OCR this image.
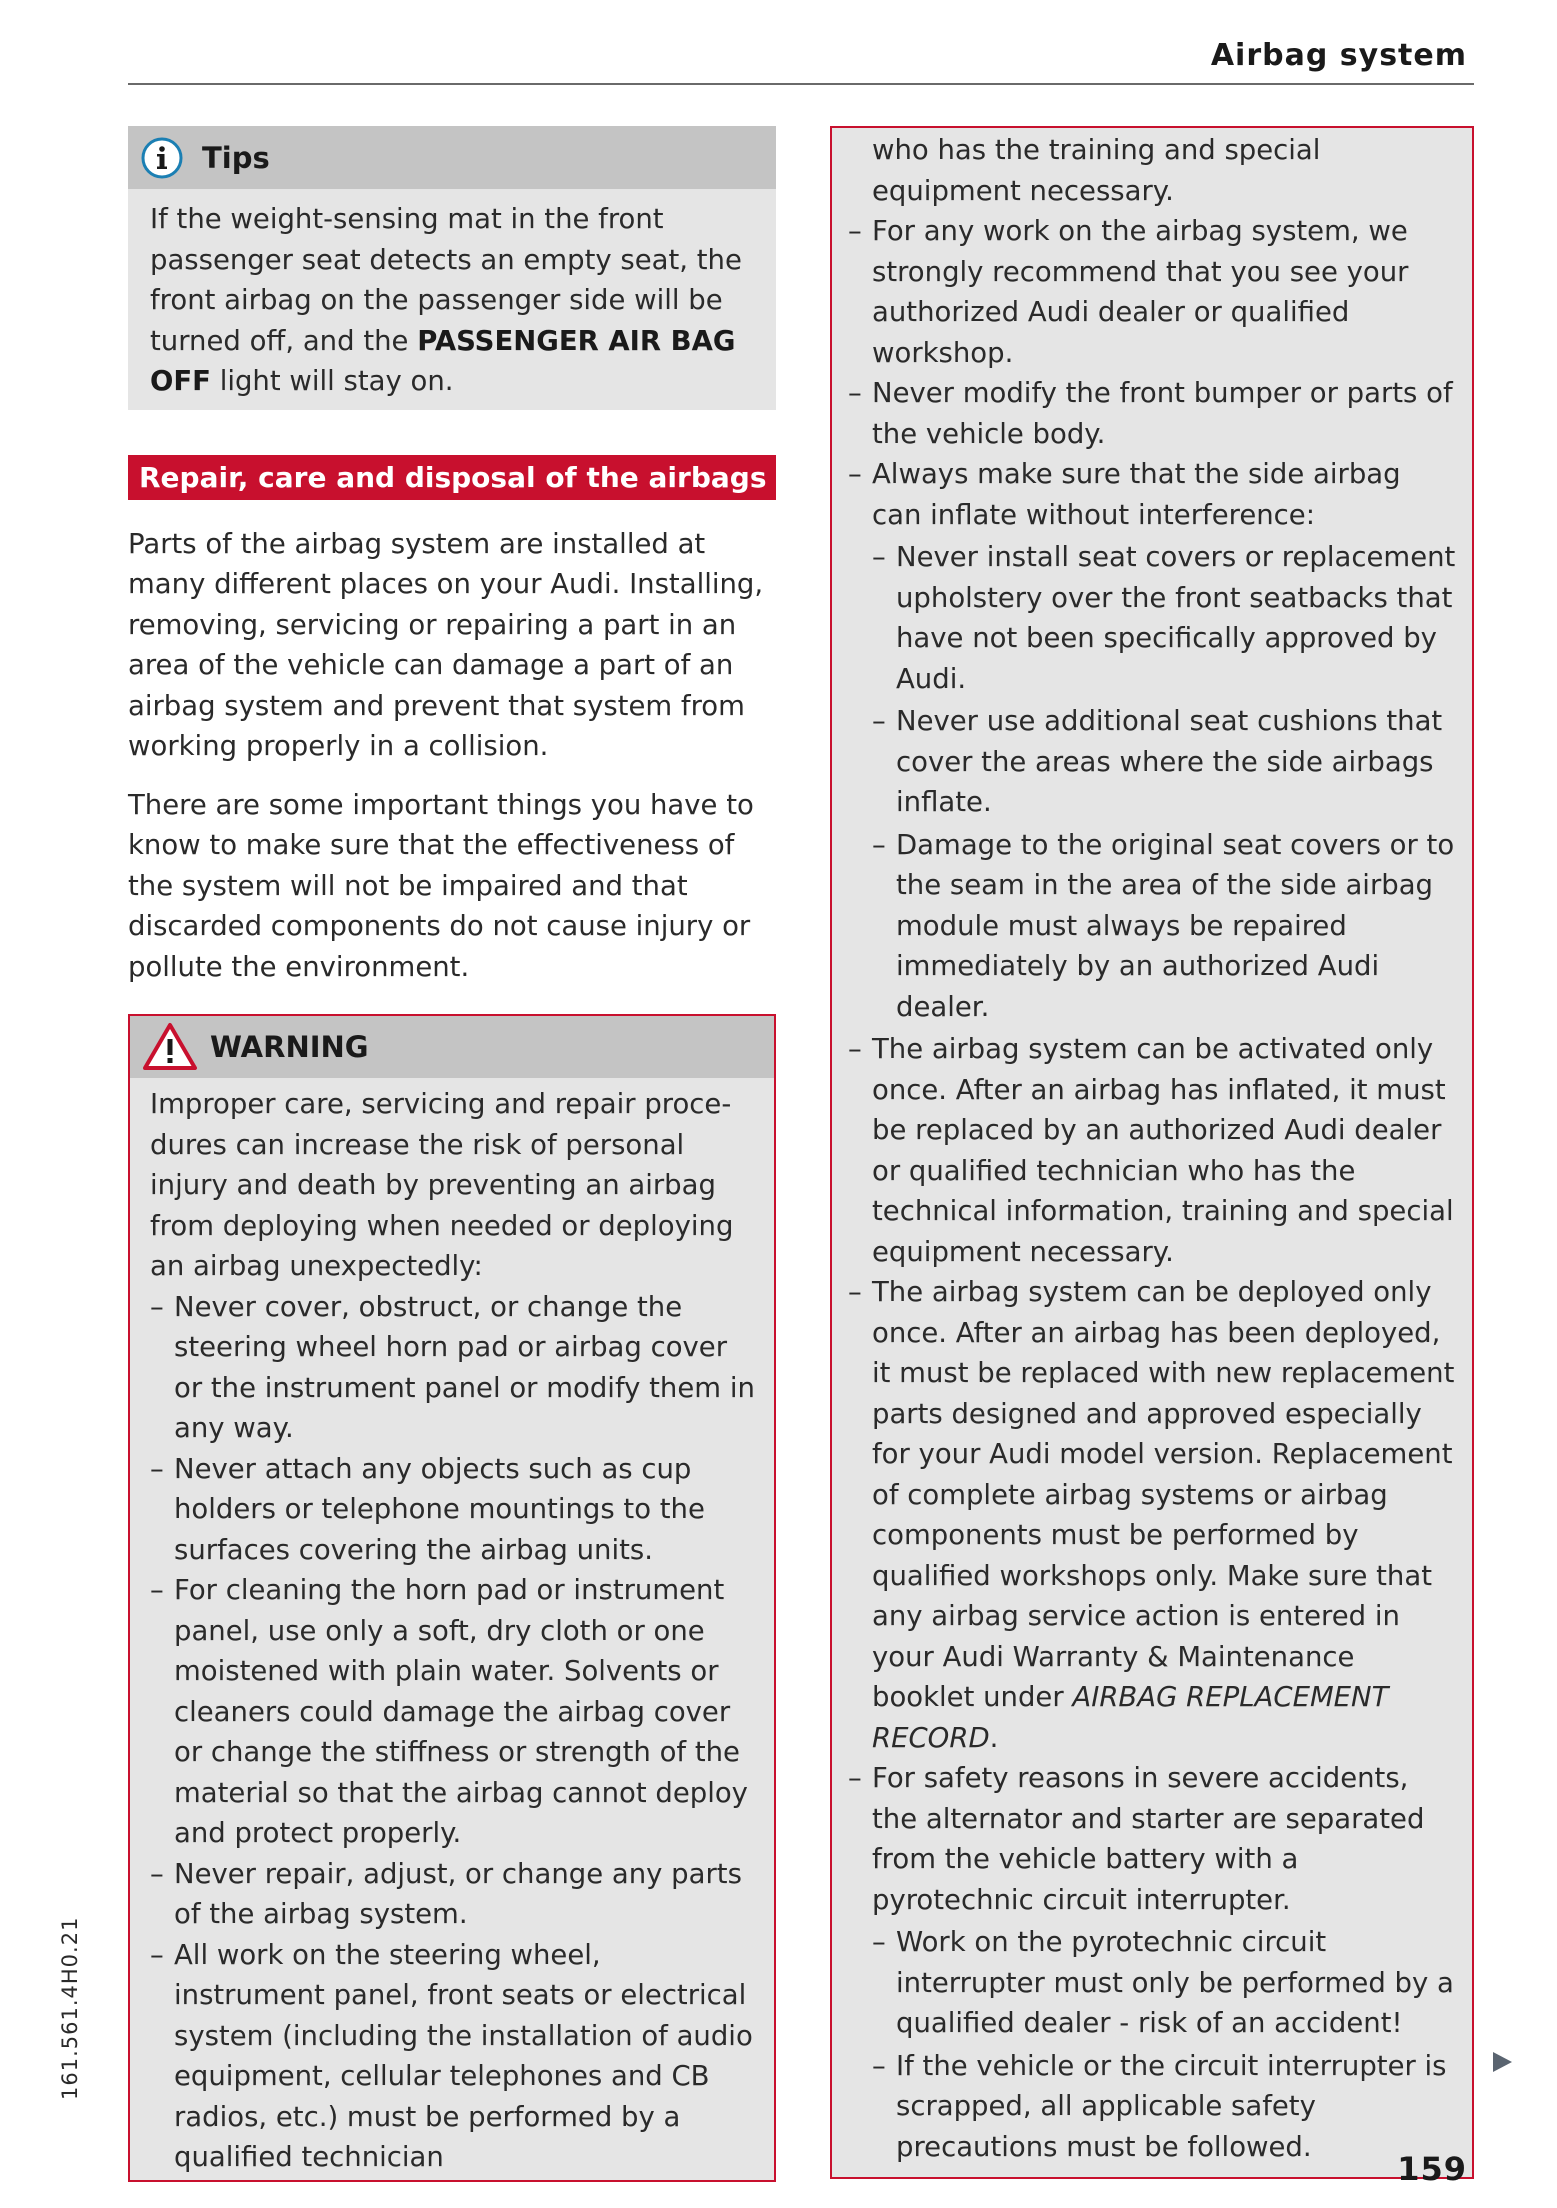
Airbag system
Tips
If the weight-sensing mat in the front passenger seat detects an empty seat, the front airbag on the passenger side will be turned off, and the PASSENGER AIR BAG OFF light will stay on.
Repair, care and disposal of the airbags

Parts of the airbag system are installed at many different places on your Audi. Installing, removing, servicing or repairing a part in an area of the vehicle can damage a part of an airbag system and prevent that system from working properly in a collision.

There are some important things you have to know to make sure that the effectiveness of the system will not be impaired and that discarded components do not cause injury or pollute the environment.

WARNING
Improper care, servicing and repair procedures can increase the risk of personal injury and death by preventing an airbag from deploying when needed or deploying an airbag unexpectedly:
– Never cover, obstruct, or change the steering wheel horn pad or airbag cover or the instrument panel or modify them in any way.
– Never attach any objects such as cup holders or telephone mountings to the surfaces covering the airbag units.
– For cleaning the horn pad or instrument panel, use only a soft, dry cloth or one moistened with plain water. Solvents or cleaners could damage the airbag cover or change the stiffness or strength of the material so that the airbag cannot deploy and protect properly.
– Never repair, adjust, or change any parts of the airbag system.
– All work on the steering wheel, instrument panel, front seats or electrical system (including the installation of audio equipment, cellular telephones and CB radios, etc.) must be performed by a qualified technician
who has the training and special equipment necessary.
– For any work on the airbag system, we strongly recommend that you see your authorized Audi dealer or qualified workshop.
– Never modify the front bumper or parts of the vehicle body.
– Always make sure that the side airbag can inflate without interference:
– Never install seat covers or replacement upholstery over the front seatbacks that have not been specifically approved by Audi.
– Never use additional seat cushions that cover the areas where the side airbags inflate.
– Damage to the original seat covers or to the seam in the area of the side airbag module must always be repaired immediately by an authorized Audi dealer.
– The airbag system can be activated only once. After an airbag has inflated, it must be replaced by an authorized Audi dealer or qualified technician who has the technical information, training and special equipment necessary.
– The airbag system can be deployed only once. After an airbag has been deployed, it must be replaced with new replacement parts designed and approved especially for your Audi model version. Replacement of complete airbag systems or airbag components must be performed by qualified workshops only. Make sure that any airbag service action is entered in your Audi Warranty & Maintenance booklet under AIRBAG REPLACEMENT RECORD.
– For safety reasons in severe accidents, the alternator and starter are separated from the vehicle battery with a pyrotechnic circuit interrupter.
– Work on the pyrotechnic circuit interrupter must only be performed by a qualified dealer - risk of an accident!
– If the vehicle or the circuit interrupter is scrapped, all applicable safety precautions must be followed.
161.561.4H0.21
159
